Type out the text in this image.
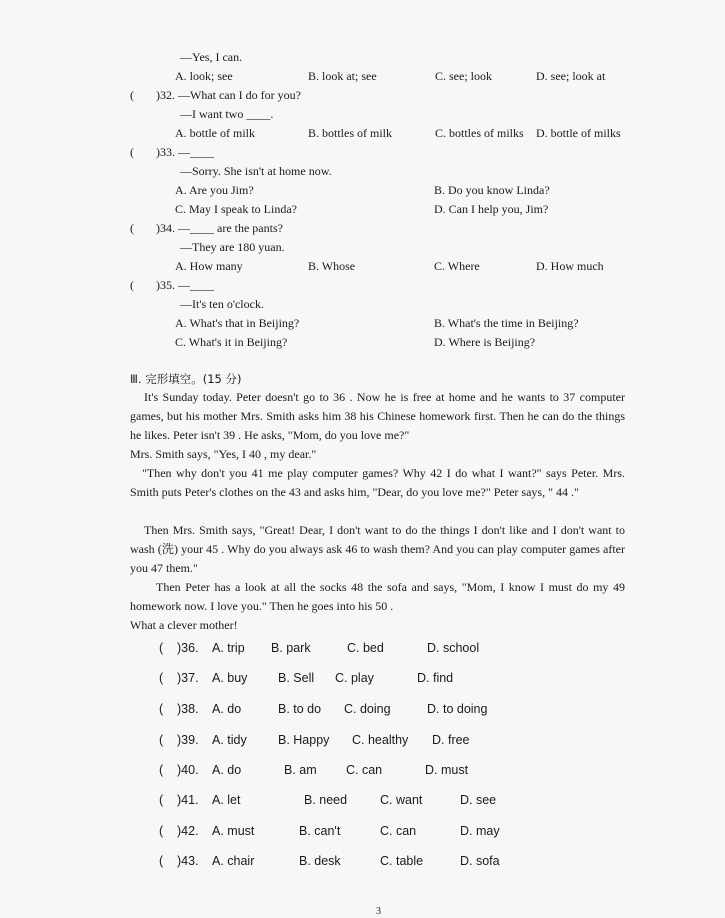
—Yes, I can.
A. look; see	B. look at; see	C. see; look	D. see; look at
( )32. —What can I do for you?
—I want two ____.
A. bottle of milk	B. bottles of milk	C. bottles of milks D. bottle of milks
( )33. —____
—Sorry. She isn't at home now.
A. Are you Jim?	B. Do you know Linda?
C. May I speak to Linda?	D. Can I help you, Jim?
( )34. —____ are the pants?
—They are 180 yuan.
A. How many	B. Whose	C. Where	D. How much
( )35. —____
—It's ten o'clock.
A. What's that in Beijing?	B. What's the time in Beijing?
C. What's it in Beijing?	D. Where is Beijing?
Ⅲ. 完形填空。(15 分)
It's Sunday today. Peter doesn't go to 36 . Now he is free at home and he wants to 37 computer games, but his mother Mrs. Smith asks him 38 his Chinese homework first. Then he can do the things he likes. Peter isn't 39 . He asks, "Mom, do you love me?"
Mrs. Smith says, "Yes, I 40 , my dear."
"Then why don't you 41 me play computer games? Why 42 I do what I want?" says Peter. Mrs. Smith puts Peter's clothes on the 43 and asks him, "Dear, do you love me?" Peter says, " 44 ."
Then Mrs. Smith says, "Great! Dear, I don't want to do the things I don't like and I don't want to wash (洗) your 45 . Why do you always ask 46 to wash them? And you can play computer games after you 47 them."
Then Peter has a look at all the socks 48 the sofa and says, "Mom, I know I must do my 49 homework now. I love you." Then he goes into his 50 .
What a clever mother!
( )36. A. trip B. park	C. bed	D. school
( )37. A. buy B. Sell C. play	D. find
( )38. A. do	B. to do C. doing	D. to doing
( )39. A. tidy	B. Happy C. healthy D. free
( )40. A. do	B. am C. can	D. must
( )41. A. let	B. need	C. want	D. see
( )42. A. must	B. can't	C. can	D. may
( )43. A. chair	B. desk	C. table	D. sofa
3
